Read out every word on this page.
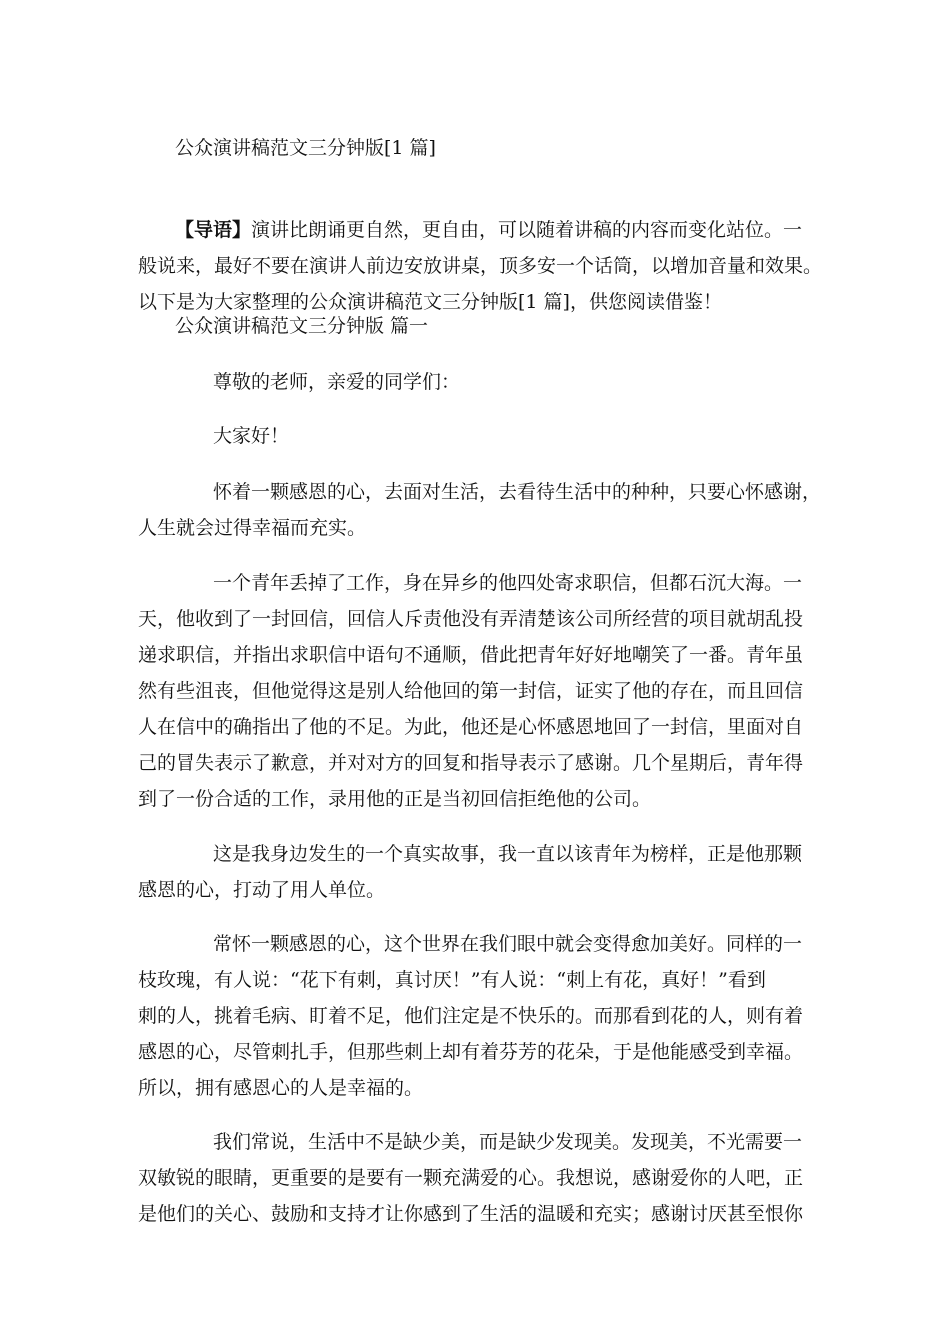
公众演讲稿范文三分钟版[1 篇]

【导语】演讲比朗诵更自然，更自由，可以随着讲稿的内容而变化站位。一

般说来，最好不要在演讲人前边安放讲桌，顶多安一个话筒，以增加音量和效果。

以下是为大家整理的公众演讲稿范文三分钟版[1 篇]，供您阅读借鉴！

公众演讲稿范文三分钟版 篇一

尊敬的老师，亲爱的同学们：

大家好！

怀着一颗感恩的心，去面对生活，去看待生活中的种种，只要心怀感谢，

人生就会过得幸福而充实。

一个青年丢掉了工作，身在异乡的他四处寄求职信，但都石沉大海。一

天，他收到了一封回信，回信人斥责他没有弄清楚该公司所经营的项目就胡乱投

递求职信，并指出求职信中语句不通顺，借此把青年好好地嘲笑了一番。青年虽

然有些沮丧，但他觉得这是别人给他回的第一封信，证实了他的存在，而且回信

人在信中的确指出了他的不足。为此，他还是心怀感恩地回了一封信，里面对自

己的冒失表示了歉意，并对对方的回复和指导表示了感谢。几个星期后，青年得

到了一份合适的工作，录用他的正是当初回信拒绝他的公司。

这是我身边发生的一个真实故事，我一直以该青年为榜样，正是他那颗

感恩的心，打动了用人单位。

常怀一颗感恩的心，这个世界在我们眼中就会变得愈加美好。同样的一

枝玫瑰，有人说：“花下有刺，真讨厌！”有人说：“刺上有花，真好！”看到

刺的人，挑着毛病、盯着不足，他们注定是不快乐的。而那看到花的人，则有着

感恩的心，尽管刺扎手，但那些刺上却有着芬芳的花朵，于是他能感受到幸福。

所以，拥有感恩心的人是幸福的。

我们常说，生活中不是缺少美，而是缺少发现美。发现美，不光需要一

双敏锐的眼睛，更重要的是要有一颗充满爱的心。我想说，感谢爱你的人吧，正

是他们的关心、鼓励和支持才让你感到了生活的温暖和充实；感谢讨厌甚至恨你
